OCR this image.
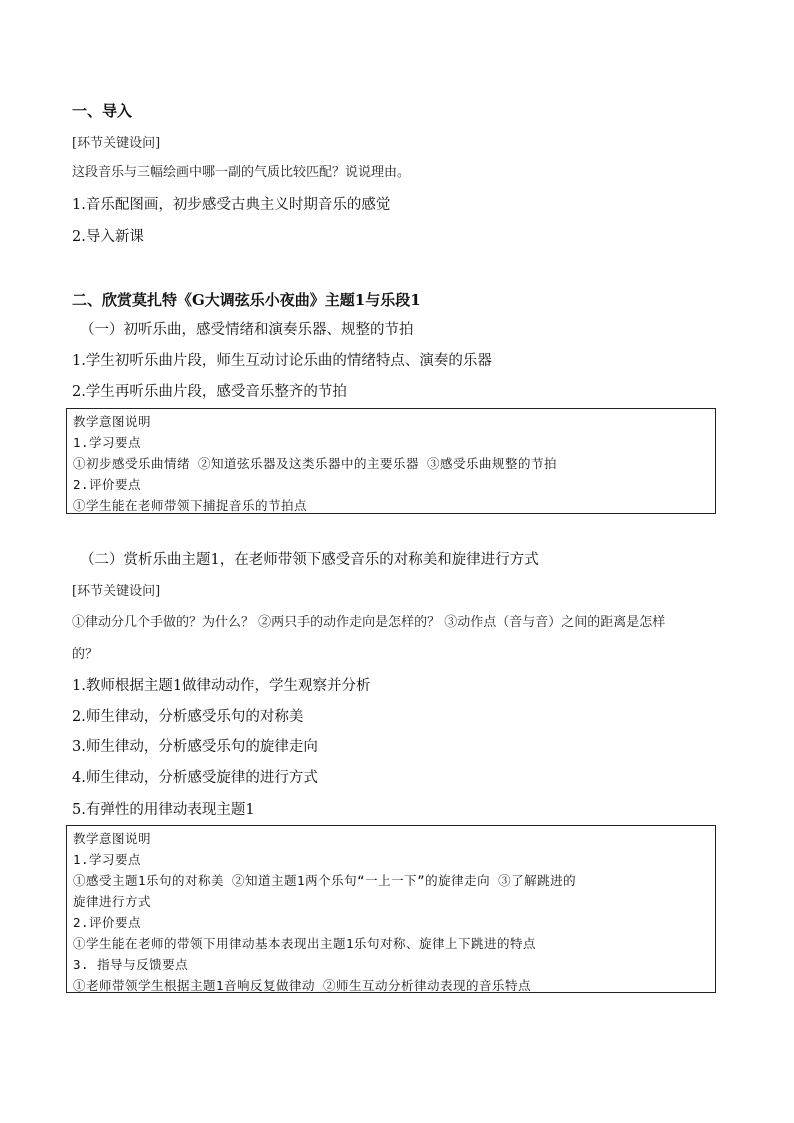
一、导入
[环节关键设问]
这段音乐与三幅绘画中哪一副的气质比较匹配？说说理由。
1.音乐配图画，初步感受古典主义时期音乐的感觉
2.导入新课
二、欣赏莫扎特《G大调弦乐小夜曲》主题1与乐段1
（一）初听乐曲，感受情绪和演奏乐器、规整的节拍
1.学生初听乐曲片段，师生互动讨论乐曲的情绪特点、演奏的乐器
2.学生再听乐曲片段，感受音乐整齐的节拍
教学意图说明
1.学习要点
①初步感受乐曲情绪 ②知道弦乐器及这类乐器中的主要乐器 ③感受乐曲规整的节拍
2.评价要点
①学生能在老师带领下捕捉音乐的节拍点
（二）赏析乐曲主题1，在老师带领下感受音乐的对称美和旋律进行方式
[环节关键设问]
①律动分几个手做的？为什么？ ②两只手的动作走向是怎样的？ ③动作点（音与音）之间的距离是怎样
的？
1.教师根据主题1做律动动作，学生观察并分析
2.师生律动，分析感受乐句的对称美
3.师生律动，分析感受乐句的旋律走向
4.师生律动，分析感受旋律的进行方式
5.有弹性的用律动表现主题1
教学意图说明
1.学习要点
①感受主题1乐句的对称美 ②知道主题1两个乐句“一上一下”的旋律走向 ③了解跳进的
旋律进行方式
2.评价要点
①学生能在老师的带领下用律动基本表现出主题1乐句对称、旋律上下跳进的特点
3. 指导与反馈要点
①老师带领学生根据主题1音响反复做律动 ②师生互动分析律动表现的音乐特点
